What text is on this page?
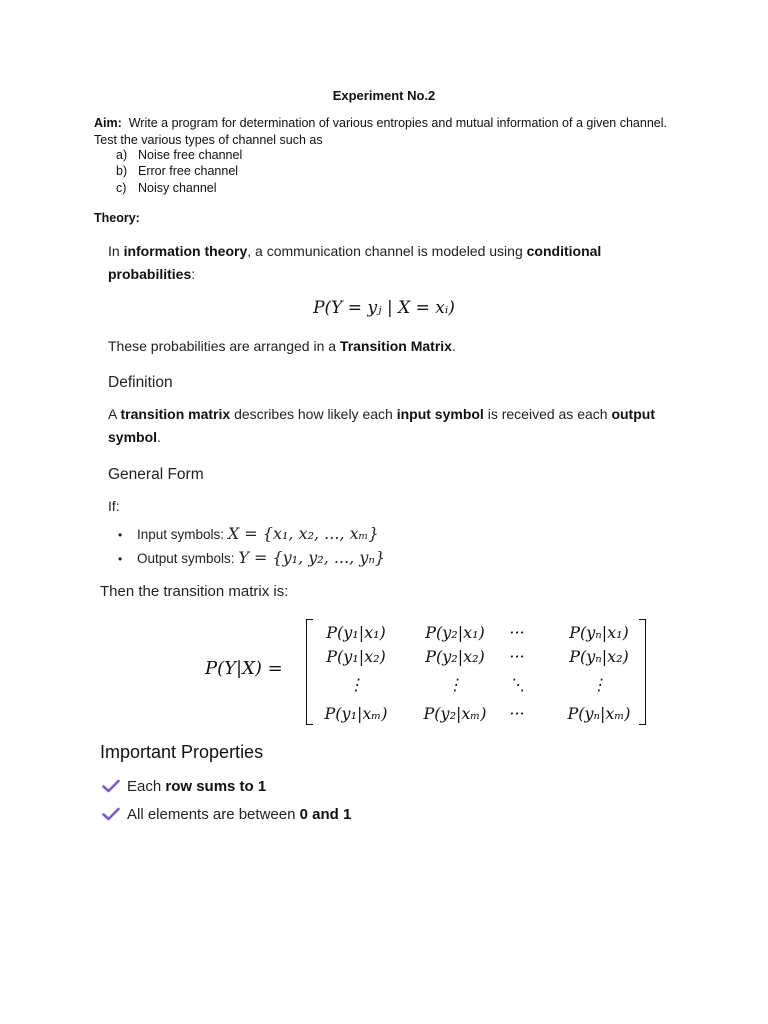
Experiment No.2
Aim: Write a program for determination of various entropies and mutual information of a given channel. Test the various types of channel such as
a) Noise free channel
b) Error free channel
c) Noisy channel
Theory:
In information theory, a communication channel is modeled using conditional probabilities:
P(Y = yⱼ | X = xᵢ)
These probabilities are arranged in a Transition Matrix.
Definition
A transition matrix describes how likely each input symbol is received as each output symbol.
General Form
If:
• Input symbols: X = {x₁, x₂, ..., xₘ}
• Output symbols: Y = {y₁, y₂, ..., yₙ}
Then the transition matrix is:
P(Y|X) =
P(y₁|x₁)	P(y₂|x₁)	···	P(yₙ|x₁)
P(y₁|x₂)	P(y₂|x₂)	···	P(yₙ|x₂)
⋮	⋮	⋱	⋮
P(y₁|xₘ)	P(y₂|xₘ)	···	P(yₙ|xₘ)
Important Properties
Each row sums to 1
All elements are between 0 and 1
